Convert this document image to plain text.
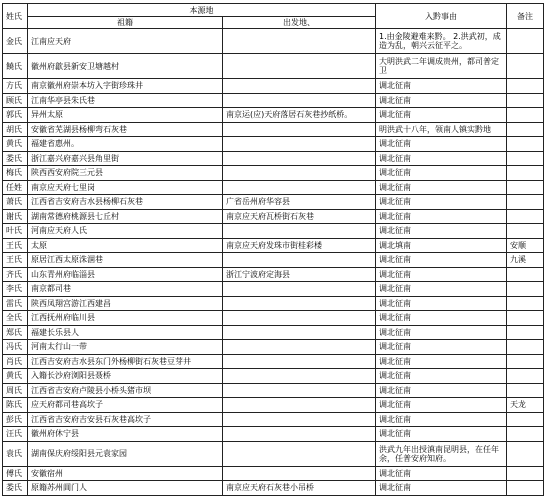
姓氏	本源地		入黔事由	备注
	祖籍	出发地、		
金氏	江南应天府		1.由金陵避难来黔。 2.洪武初，成造为乱，朝兴云征平之。	
饒氏	徽州府歙县新安卫塘越村		大明洪武二年调成贵州，都司普定卫	
方氏	南京徽州府崇本坊入字街珍珠井		调北征南	
顾氏	江南华亭县朱氏巷		调北征南	
郭氏	异州太原	南京运(应)天府落居石灰巷抄纸桥。	调北征南	
胡氏	安徽省芜湖县杨柳弯石灰巷		明洪武十八年，领南人镇实黔地	
黄氏	福建省惠州。		调北征南	
娄氏	浙江嘉兴府嘉兴县角里街		调北征南	
梅氏	陕西西安府院三元县		调北征南	
任姓	南京应天府七里岗		调北征南	
萧氏	江西省吉安府吉水县杨柳石灰巷	广省岳州府华容县	调北征南	
谢氏	湖南常德府桃源县七丘村	南京应天府瓦桥街石灰巷	调北征南	
叶氏	河南应天府人氏		调北征南	
王氏	太原	南京应天府发珠市街桂彩楼	调北填南	安顺
王氏	原居江西太原洙涸巷		调北征南	九溪
齐氏	山东青州府临淄县	浙江宁波府定海县	调北征南	
李氏	南京都司巷		调北征南	
雷氏	陕西凤翔宫游江西建昌		调北征南	
全氏	江西抚州府临川县		调北征南	
郑氏	福建长乐县人		调北征南	
冯氏	河南太行山一带		调北征南	
肖氏	江西吉安府吉水县东门外杨柳街石灰巷豆芽井		调北征南	
黄氏	入籍长沙府浏阳县聂桥		调北征南	
周氏	江西省吉安府卢陵县小桥头猪市坝		调北征南	
陈氏	应天府都司巷高坎子		调北征南	天龙
彭氏	江西省吉安府吉安县石灰巷高坎子		调北征南	
汪氏	徽州府休宁县		调北征南	
袁氏	湖南保庆府绥阳县元袁家园		洪武九年出授滇南昆明县，在任年余，任普安府知府。	
傅氏	安徽宿州		调北征南	
娄氏	原籍苏州阊门人	南京应天府石灰巷小吊桥	调北征南	
